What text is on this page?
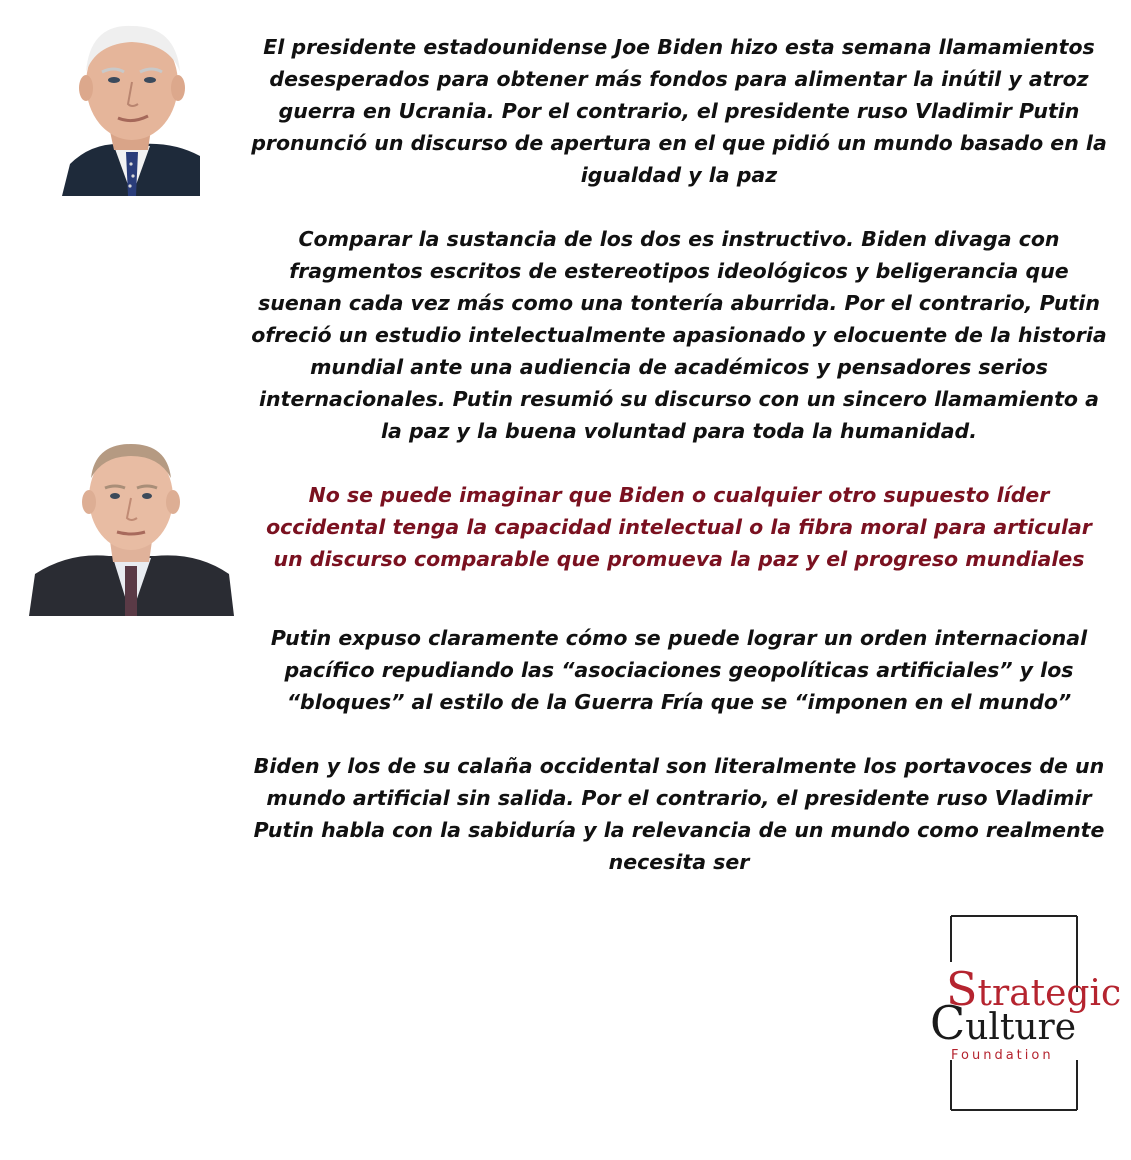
El presidente estadounidense Joe Biden hizo esta semana llamamientos desesperados para obtener más fondos para alimentar la inútil y atroz guerra en Ucrania. Por el contrario, el presidente ruso Vladimir Putin pronunció un discurso de apertura en el que pidió un mundo basado en la igualdad y la paz

Comparar la sustancia de los dos es instructivo. Biden divaga con fragmentos escritos de estereotipos ideológicos y beligerancia que suenan cada vez más como una tontería aburrida. Por el contrario, Putin ofreció un estudio intelectualmente apasionado y elocuente de la historia mundial ante una audiencia de académicos y pensadores serios internacionales. Putin resumió su discurso con un sincero llamamiento a la paz y la buena voluntad para toda la humanidad.

No se puede imaginar que Biden o cualquier otro supuesto líder occidental tenga la capacidad intelectual o la fibra moral para articular un discurso comparable que promueva la paz y el progreso mundiales

Putin expuso claramente cómo se puede lograr un orden internacional pacífico repudiando las “asociaciones geopolíticas artificiales” y los “bloques” al estilo de la Guerra Fría que se “imponen en el mundo”

Biden y los de su calaña occidental son literalmente los portavoces de un mundo artificial sin salida. Por el contrario, el presidente ruso Vladimir Putin habla con la sabiduría y la relevancia de un mundo como realmente necesita ser

Strategic
Culture
Foundation
